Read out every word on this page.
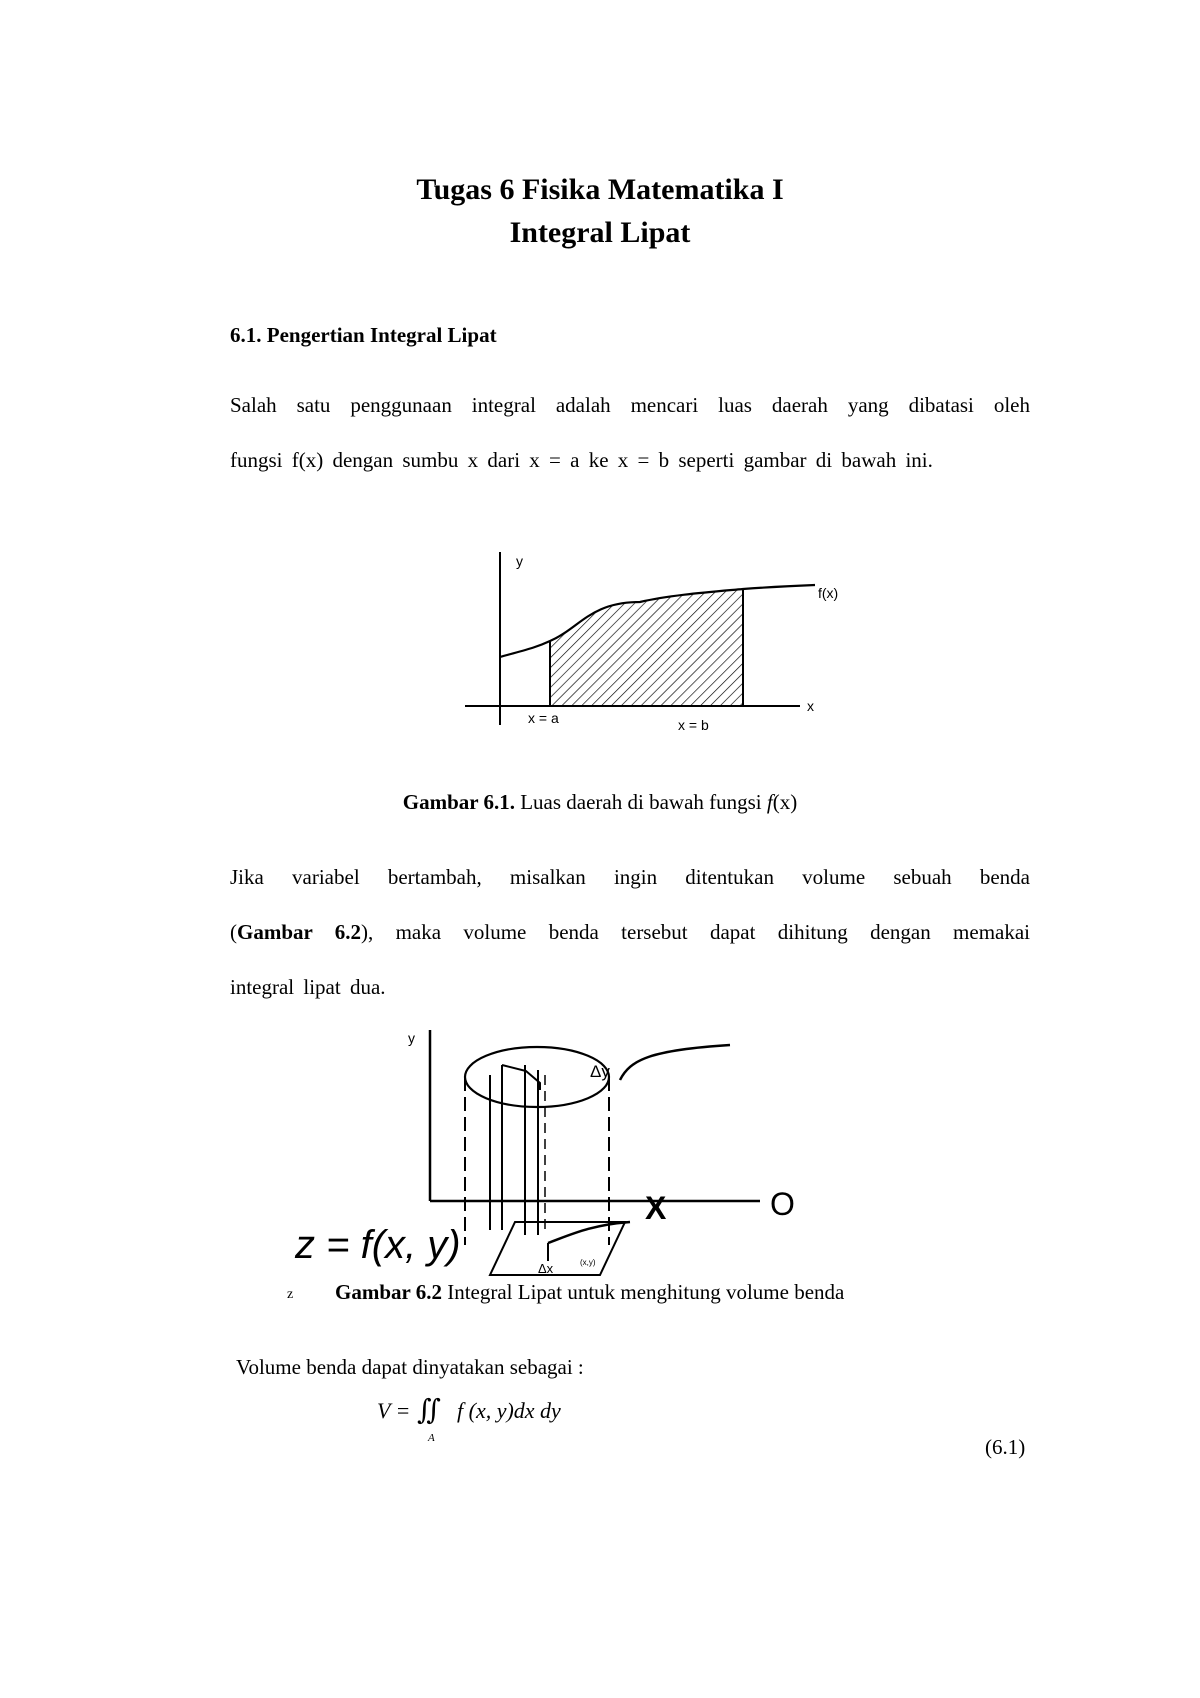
Tugas 6 Fisika Matematika I
Integral Lipat
6.1. Pengertian Integral Lipat
Salah satu penggunaan integral adalah mencari luas daerah yang dibatasi oleh
fungsi f(x) dengan sumbu x dari x = a ke x = b seperti gambar di bawah ini.
y
f(x)
x
x = a	x = b
Gambar 6.1. Luas daerah di bawah fungsi f(x)
Jika variabel bertambah, misalkan ingin ditentukan volume sebuah benda
(Gambar 6.2), maka volume benda tersebut dapat dihitung dengan memakai
integral lipat dua.
Δy
Δx	(x,y)
y
X	O
z = f(x, y)
z Gambar 6.2 Integral Lipat untuk menghitung volume benda
Volume benda dapat dinyatakan sebagai :
V = ∬
A
f (x, y)dx dy
(6.1)
